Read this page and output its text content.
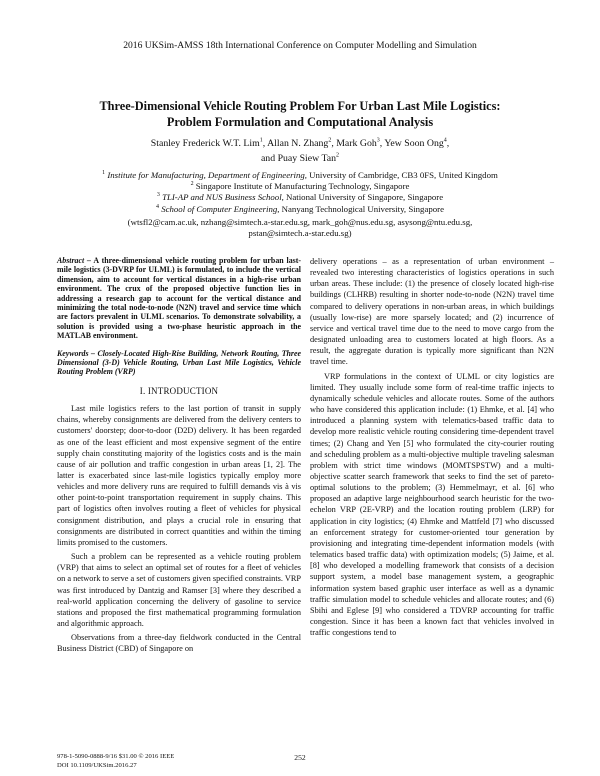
2016 UKSim-AMSS 18th International Conference on Computer Modelling and Simulation
Three-Dimensional Vehicle Routing Problem For Urban Last Mile Logistics:
Problem Formulation and Computational Analysis
Stanley Frederick W.T. Lim$^1$, Allan N. Zhang$^2$, Mark Goh$^3$, Yew Soon Ong$^4$,
and Puay Siew Tan$^2$
$^1$ Institute for Manufacturing, Department of Engineering, University of Cambridge, CB3 0FS, United Kingdom
$^2$ Singapore Institute of Manufacturing Technology, Singapore
$^3$ TLI-AP and NUS Business School, National University of Singapore, Singapore
$^4$ School of Computer Engineering, Nanyang Technological University, Singapore
(wtsfl2@cam.ac.uk, nzhang@simtech.a-star.edu.sg, mark_goh@nus.edu.sg, asysong@ntu.edu.sg,
pstan@simtech.a-star.edu.sg)

Abstract – A three-dimensional vehicle routing problem for urban last-mile logistics (3-DVRP for ULML) is formulated, to include the vertical dimension, aim to account for vertical distances in a high-rise urban environment. The crux of the proposed objective function lies in addressing a research gap to account for the vertical distance and minimizing the total node-to-node (N2N) travel and service time which are factors prevalent in ULML scenarios. To demonstrate solvability, a solution is provided using a two-phase heuristic approach in the MATLAB environment.

Keywords – Closely-Located High-Rise Building, Network Routing, Three Dimensional (3-D) Vehicle Routing, Urban Last Mile Logistics, Vehicle Routing Problem (VRP)

I. INTRODUCTION

Last mile logistics refers to the last portion of transit in supply chains, whereby consignments are delivered from the delivery centers to customers' doorstep; door-to-door (D2D) delivery. It has been regarded as one of the least efficient and most expensive segment of the entire supply chain constituting majority of the logistics costs and is the main cause of air pollution and traffic congestion in urban areas [1, 2]. The latter is exacerbated since last-mile logistics typically employ more vehicles and more delivery runs are required to fulfill demands vis à vis other point-to-point transportation requirement in supply chains. This part of logistics often involves routing a fleet of vehicles for physical consignment distribution, and plays a crucial role in ensuring that consignments are distributed in correct quantities and within the timing limits promised to the customers.

Such a problem can be represented as a vehicle routing problem (VRP) that aims to select an optimal set of routes for a fleet of vehicles on a network to serve a set of customers given specified constraints. VRP was first introduced by Dantzig and Ramser [3] where they described a real-world application concerning the delivery of gasoline to service stations and proposed the first mathematical programming formulation and algorithmic approach.

Observations from a three-day fieldwork conducted in the Central Business District (CBD) of Singapore on

delivery operations – as a representation of urban environment – revealed two interesting characteristics of logistics operations in such urban areas. These include: (1) the presence of closely located high-rise buildings (CLHRB) resulting in shorter node-to-node (N2N) travel time compared to delivery operations in non-urban areas, in which buildings (usually low-rise) are more sparsely located; and (2) incurrence of service and vertical travel time due to the need to move cargo from the designated unloading area to customers located at high floors. As a result, the aggregate duration is typically more significant than N2N travel time.

VRP formulations in the context of ULML or city logistics are limited. They usually include some form of real-time traffic injects to dynamically schedule vehicles and allocate routes. Some of the authors who have considered this application include: (1) Ehmke, et al. [4] who introduced a planning system with telematics-based traffic data to develop more realistic vehicle routing considering time-dependent travel times; (2) Chang and Yen [5] who formulated the city-courier routing and scheduling problem as a multi-objective multiple traveling salesman problem with strict time windows (MOMTSPSTW) and a multi-objective scatter search framework that seeks to find the set of pareto-optimal solutions to the problem; (3) Hemmelmayr, et al. [6] who proposed an adaptive large neighbourhood search heuristic for the two-echelon VRP (2E-VRP) and the location routing problem (LRP) for application in city logistics; (4) Ehmke and Mattfeld [7] who discussed an enforcement strategy for customer-oriented tour generation by provisioning and integrating time-dependent information models (with telematics based traffic data) with optimization models; (5) Jaime, et al. [8] who developed a modelling framework that consists of a decision support system, a model base management system, a geographic information system based graphic user interface as well as a dynamic traffic simulation model to schedule vehicles and allocate routes; and (6) Sbihi and Eglese [9] who considered a TDVRP accounting for traffic congestion. Since it has been a known fact that vehicles involved in traffic congestions tend to

978-1-5090-0888-9/16 $31.00 © 2016 IEEE
DOI 10.1109/UKSim.2016.27
252
